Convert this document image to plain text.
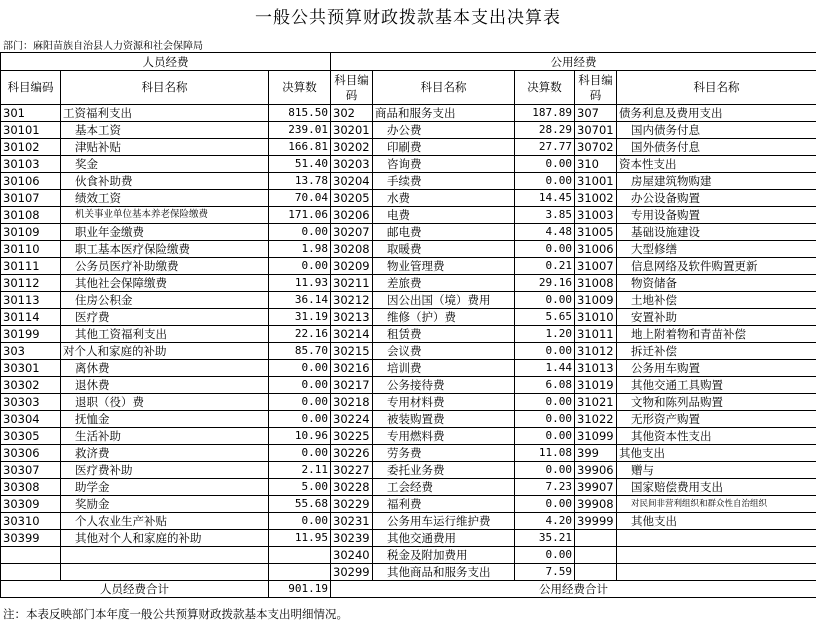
一般公共预算财政拨款基本支出决算表
部门：麻阳苗族自治县人力资源和社会保障局
人员经费			公用经费				
科目编码	科目名称	决算数	科目编码	科目名称	决算数	科目编码	科目名称
301	工资福利支出	815.50	302	商品和服务支出	187.89	307	债务利息及费用支出
30101	基本工资	239.01	30201	办公费	28.29	30701	国内债务付息
30102	津贴补贴	166.81	30202	印刷费	27.77	30702	国外债务付息
30103	奖金	51.40	30203	咨询费	0.00	310	资本性支出
30106	伙食补助费	13.78	30204	手续费	0.00	31001	房屋建筑物购建
30107	绩效工资	70.04	30205	水费	14.45	31002	办公设备购置
30108	机关事业单位基本养老保险缴费	171.06	30206	电费	3.85	31003	专用设备购置
30109	职业年金缴费	0.00	30207	邮电费	4.48	31005	基础设施建设
30110	职工基本医疗保险缴费	1.98	30208	取暖费	0.00	31006	大型修缮
30111	公务员医疗补助缴费	0.00	30209	物业管理费	0.21	31007	信息网络及软件购置更新
30112	其他社会保障缴费	11.93	30211	差旅费	29.16	31008	物资储备
30113	住房公积金	36.14	30212	因公出国（境）费用	0.00	31009	土地补偿
30114	医疗费	31.19	30213	维修（护）费	5.65	31010	安置补助
30199	其他工资福利支出	22.16	30214	租赁费	1.20	31011	地上附着物和青苗补偿
303	对个人和家庭的补助	85.70	30215	会议费	0.00	31012	拆迁补偿
30301	离休费	0.00	30216	培训费	1.44	31013	公务用车购置
30302	退休费	0.00	30217	公务接待费	6.08	31019	其他交通工具购置
30303	退职（役）费	0.00	30218	专用材料费	0.00	31021	文物和陈列品购置
30304	抚恤金	0.00	30224	被装购置费	0.00	31022	无形资产购置
30305	生活补助	10.96	30225	专用燃料费	0.00	31099	其他资本性支出
30306	救济费	0.00	30226	劳务费	11.08	399	其他支出
30307	医疗费补助	2.11	30227	委托业务费	0.00	39906	赠与
30308	助学金	5.00	30228	工会经费	7.23	39907	国家赔偿费用支出
30309	奖励金	55.68	30229	福利费	0.00	39908	对民间非营利组织和群众性自治组织
30310	个人农业生产补贴	0.00	30231	公务用车运行维护费	4.20	39999	其他支出
30399	其他对个人和家庭的补助	11.95	30239	其他交通费用	35.21		
			30240	税金及附加费用	0.00		
			30299	其他商品和服务支出	7.59		
人员经费合计		901.19	公用经费合计				
注：本表反映部门本年度一般公共预算财政拨款基本支出明细情况。
